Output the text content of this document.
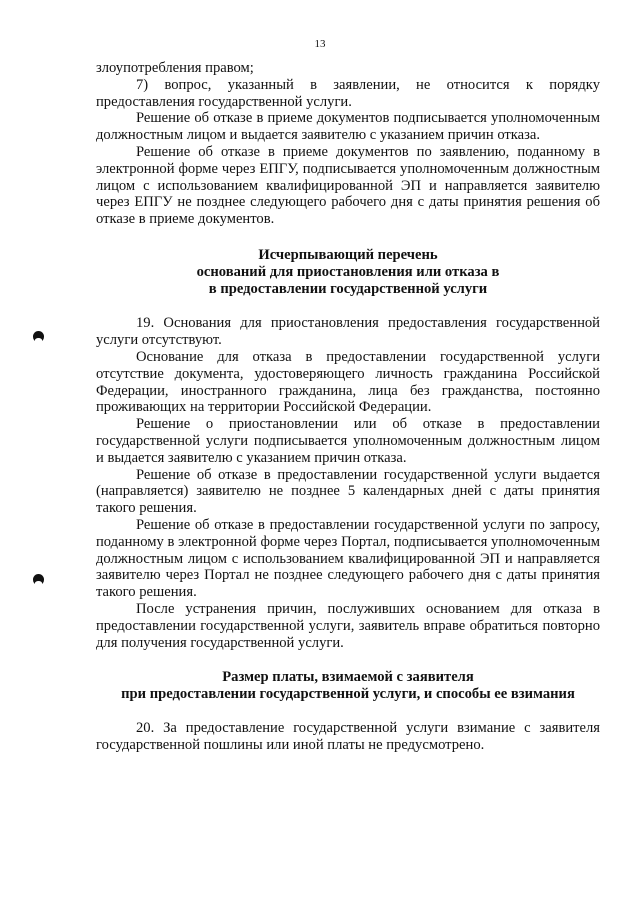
13

злоупотребления правом;

7) вопрос, указанный в заявлении, не относится к порядку предоставления государственной услуги.

Решение об отказе в приеме документов подписывается уполномоченным должностным лицом и выдается заявителю с указанием причин отказа.

Решение об отказе в приеме документов по заявлению, поданному в электронной форме через ЕПГУ, подписывается уполномоченным должностным лицом с использованием квалифицированной ЭП и направляется заявителю через ЕПГУ не позднее следующего рабочего дня с даты принятия решения об отказе в приеме документов.

Исчерпывающий перечень
оснований для приостановления или отказа в
в предоставлении государственной услуги

19. Основания для приостановления предоставления государственной услуги отсутствуют.

Основание для отказа в предоставлении государственной услуги отсутствие документа, удостоверяющего личность гражданина Российской Федерации, иностранного гражданина, лица без гражданства, постоянно проживающих на территории Российской Федерации.

Решение о приостановлении или об отказе в предоставлении государственной услуги подписывается уполномоченным должностным лицом и выдается заявителю с указанием причин отказа.

Решение об отказе в предоставлении государственной услуги выдается (направляется) заявителю не позднее 5 календарных дней с даты принятия такого решения.

Решение об отказе в предоставлении государственной услуги по запросу, поданному в электронной форме через Портал, подписывается уполномоченным должностным лицом с использованием квалифицированной ЭП и направляется заявителю через Портал не позднее следующего рабочего дня с даты принятия такого решения.

После устранения причин, послуживших основанием для отказа в предоставлении государственной услуги, заявитель вправе обратиться повторно для получения государственной услуги.

Размер платы, взимаемой с заявителя
при предоставлении государственной услуги, и способы ее взимания

20. За предоставление государственной услуги взимание с заявителя государственной пошлины или иной платы не предусмотрено.
